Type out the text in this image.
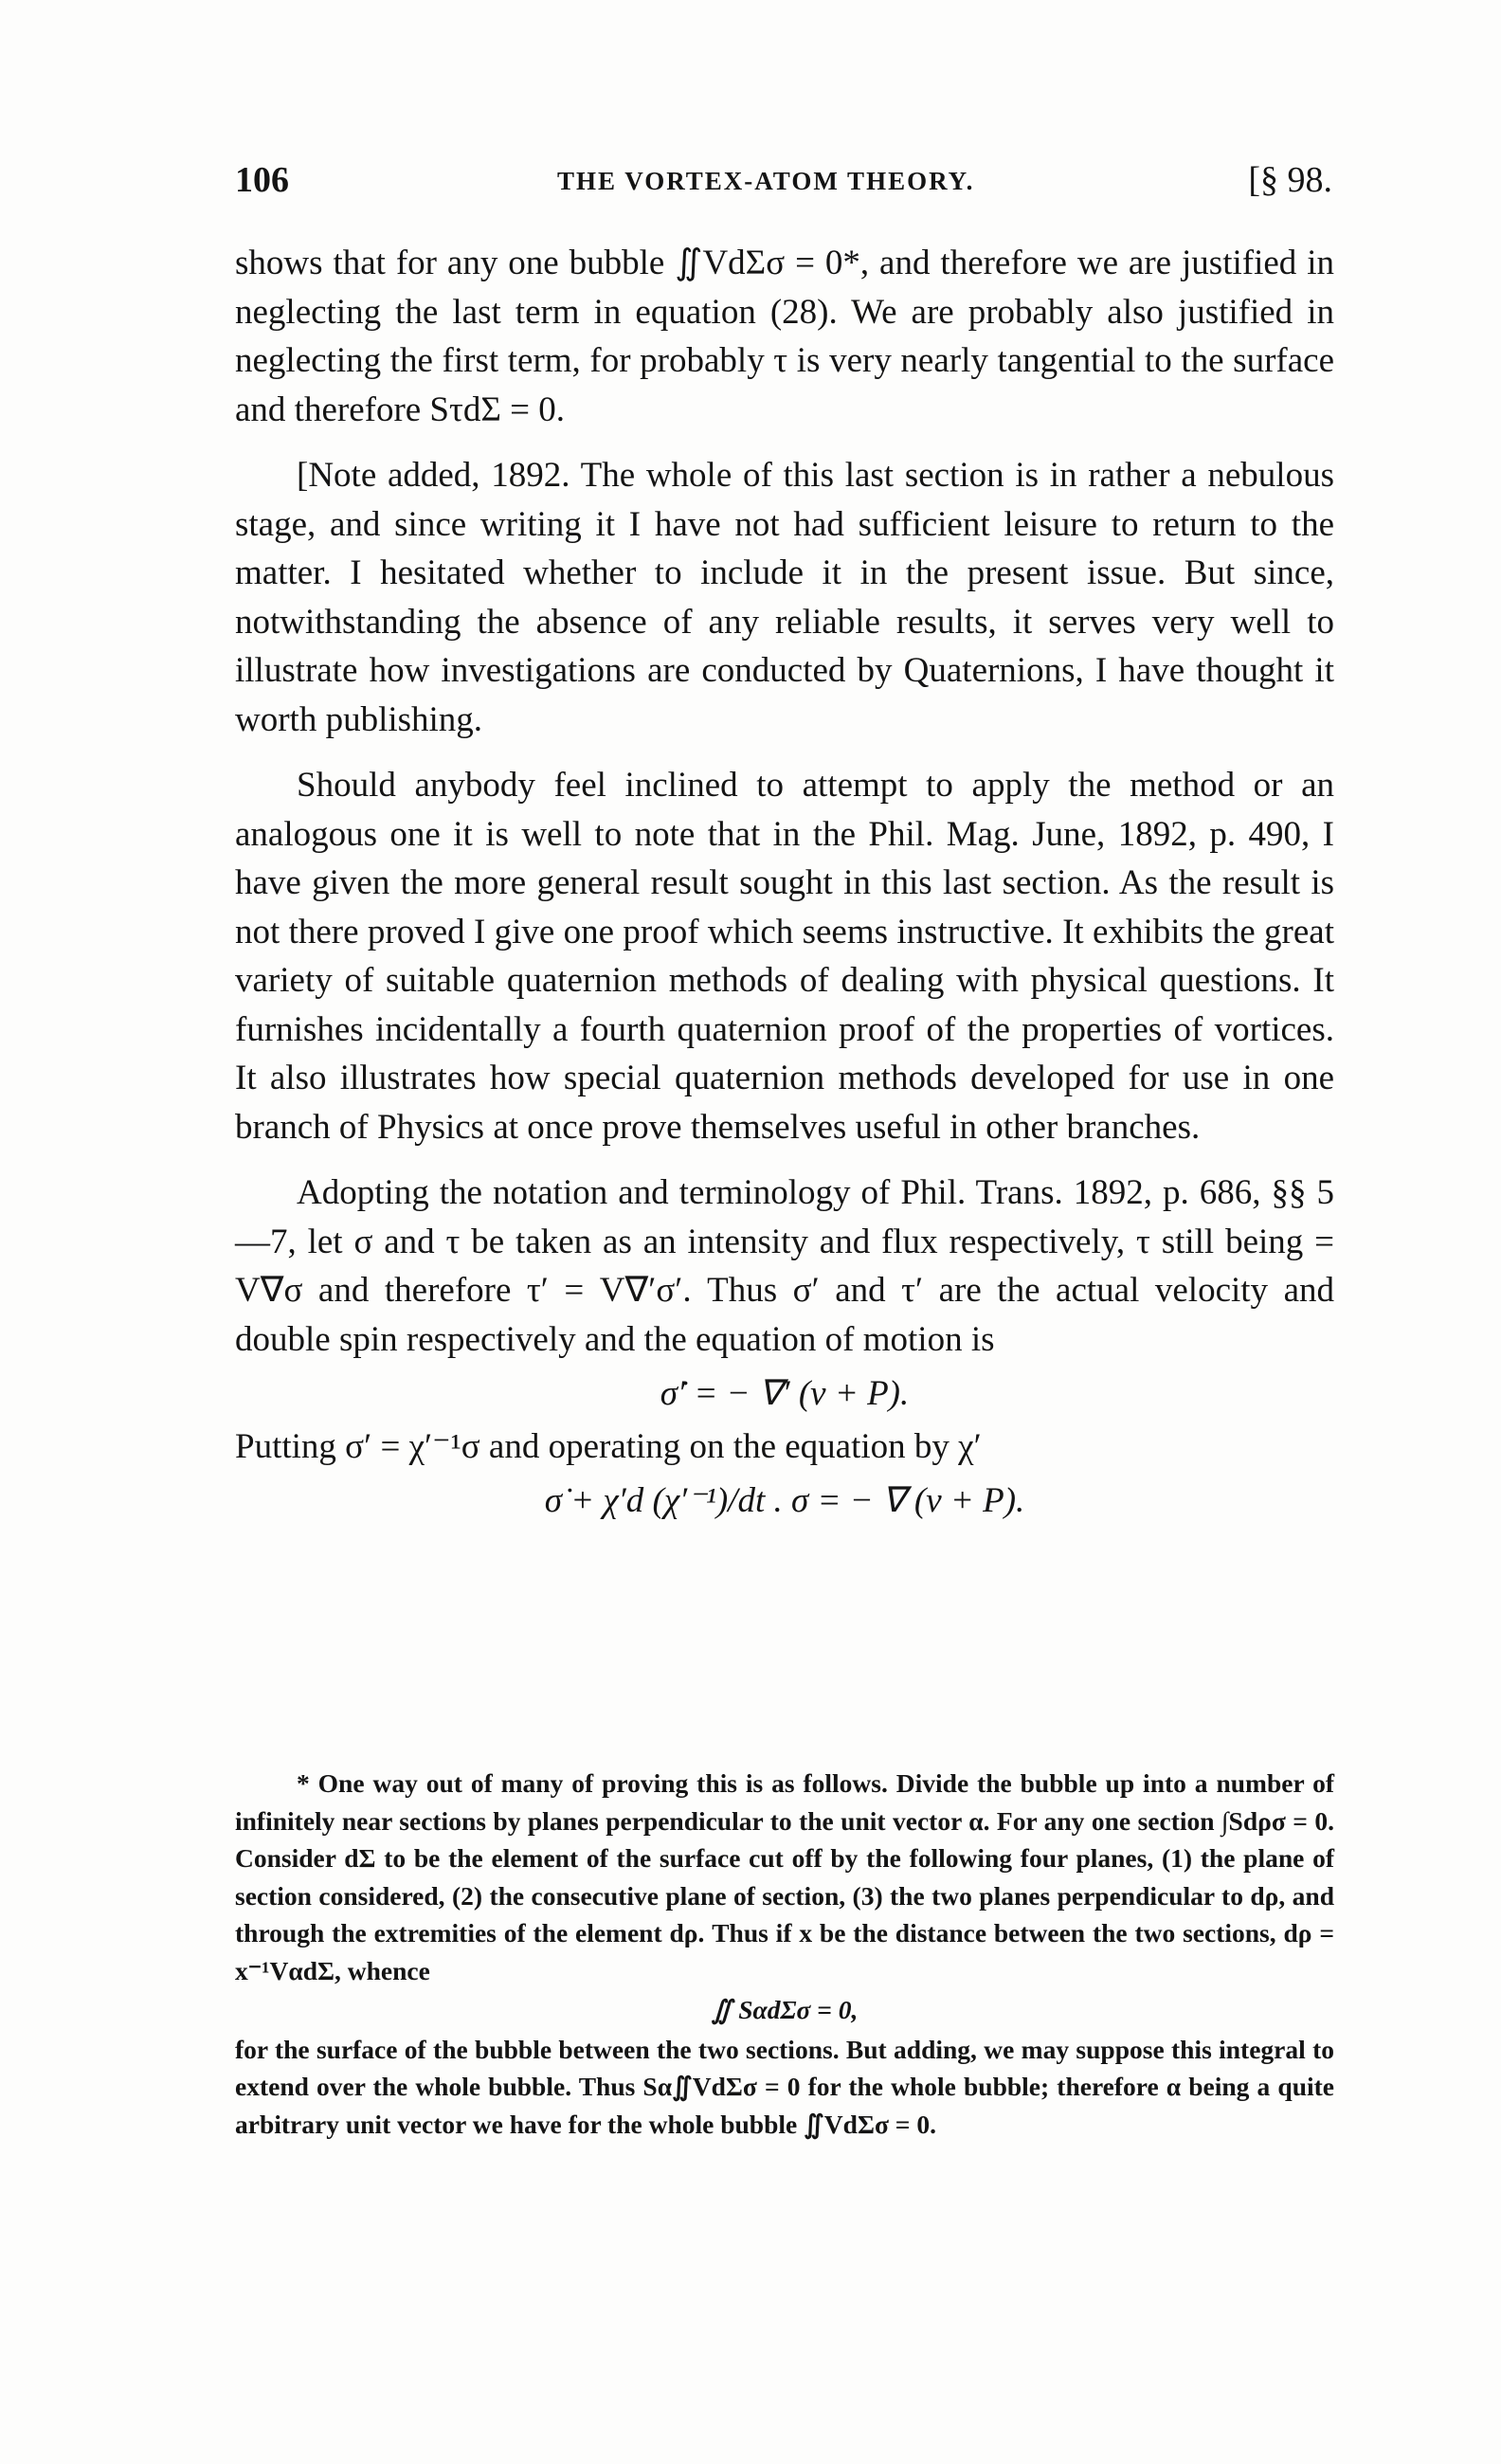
106	THE VORTEX-ATOM THEORY.	[§ 98.

shows that for any one bubble ∬VdΣσ = 0*, and therefore we are justified in neglecting the last term in equation (28). We are probably also justified in neglecting the first term, for probably τ is very nearly tangential to the surface and therefore SτdΣ = 0.

[Note added, 1892. The whole of this last section is in rather a nebulous stage, and since writing it I have not had sufficient leisure to return to the matter. I hesitated whether to include it in the present issue. But since, notwithstanding the absence of any reliable results, it serves very well to illustrate how investigations are conducted by Quaternions, I have thought it worth publishing.

Should anybody feel inclined to attempt to apply the method or an analogous one it is well to note that in the Phil. Mag. June, 1892, p. 490, I have given the more general result sought in this last section. As the result is not there proved I give one proof which seems instructive. It exhibits the great variety of suitable quaternion methods of dealing with physical questions. It furnishes incidentally a fourth quaternion proof of the properties of vortices. It also illustrates how special quaternion methods developed for use in one branch of Physics at once prove themselves useful in other branches.

Adopting the notation and terminology of Phil. Trans. 1892, p. 686, §§ 5—7, let σ and τ be taken as an intensity and flux respectively, τ still being = V∇σ and therefore τ′ = V∇′σ′. Thus σ′ and τ′ are the actual velocity and double spin respectively and the equation of motion is

σ̇′ = − ∇′ (v + P).

Putting σ′ = χ′⁻¹σ and operating on the equation by χ′

σ̇ + χ′d (χ′⁻¹)/dt . σ = − ∇ (v + P).

* One way out of many of proving this is as follows. Divide the bubble up into a number of infinitely near sections by planes perpendicular to the unit vector α. For any one section ∫Sdρσ = 0. Consider dΣ to be the element of the surface cut off by the following four planes, (1) the plane of section considered, (2) the consecutive plane of section, (3) the two planes perpendicular to dρ, and through the extremities of the element dρ. Thus if x be the distance between the two sections, dρ = x⁻¹VαdΣ, whence

∬ SαdΣσ = 0,

for the surface of the bubble between the two sections. But adding, we may suppose this integral to extend over the whole bubble. Thus Sα∬VdΣσ = 0 for the whole bubble; therefore α being a quite arbitrary unit vector we have for the whole bubble ∬VdΣσ = 0.
